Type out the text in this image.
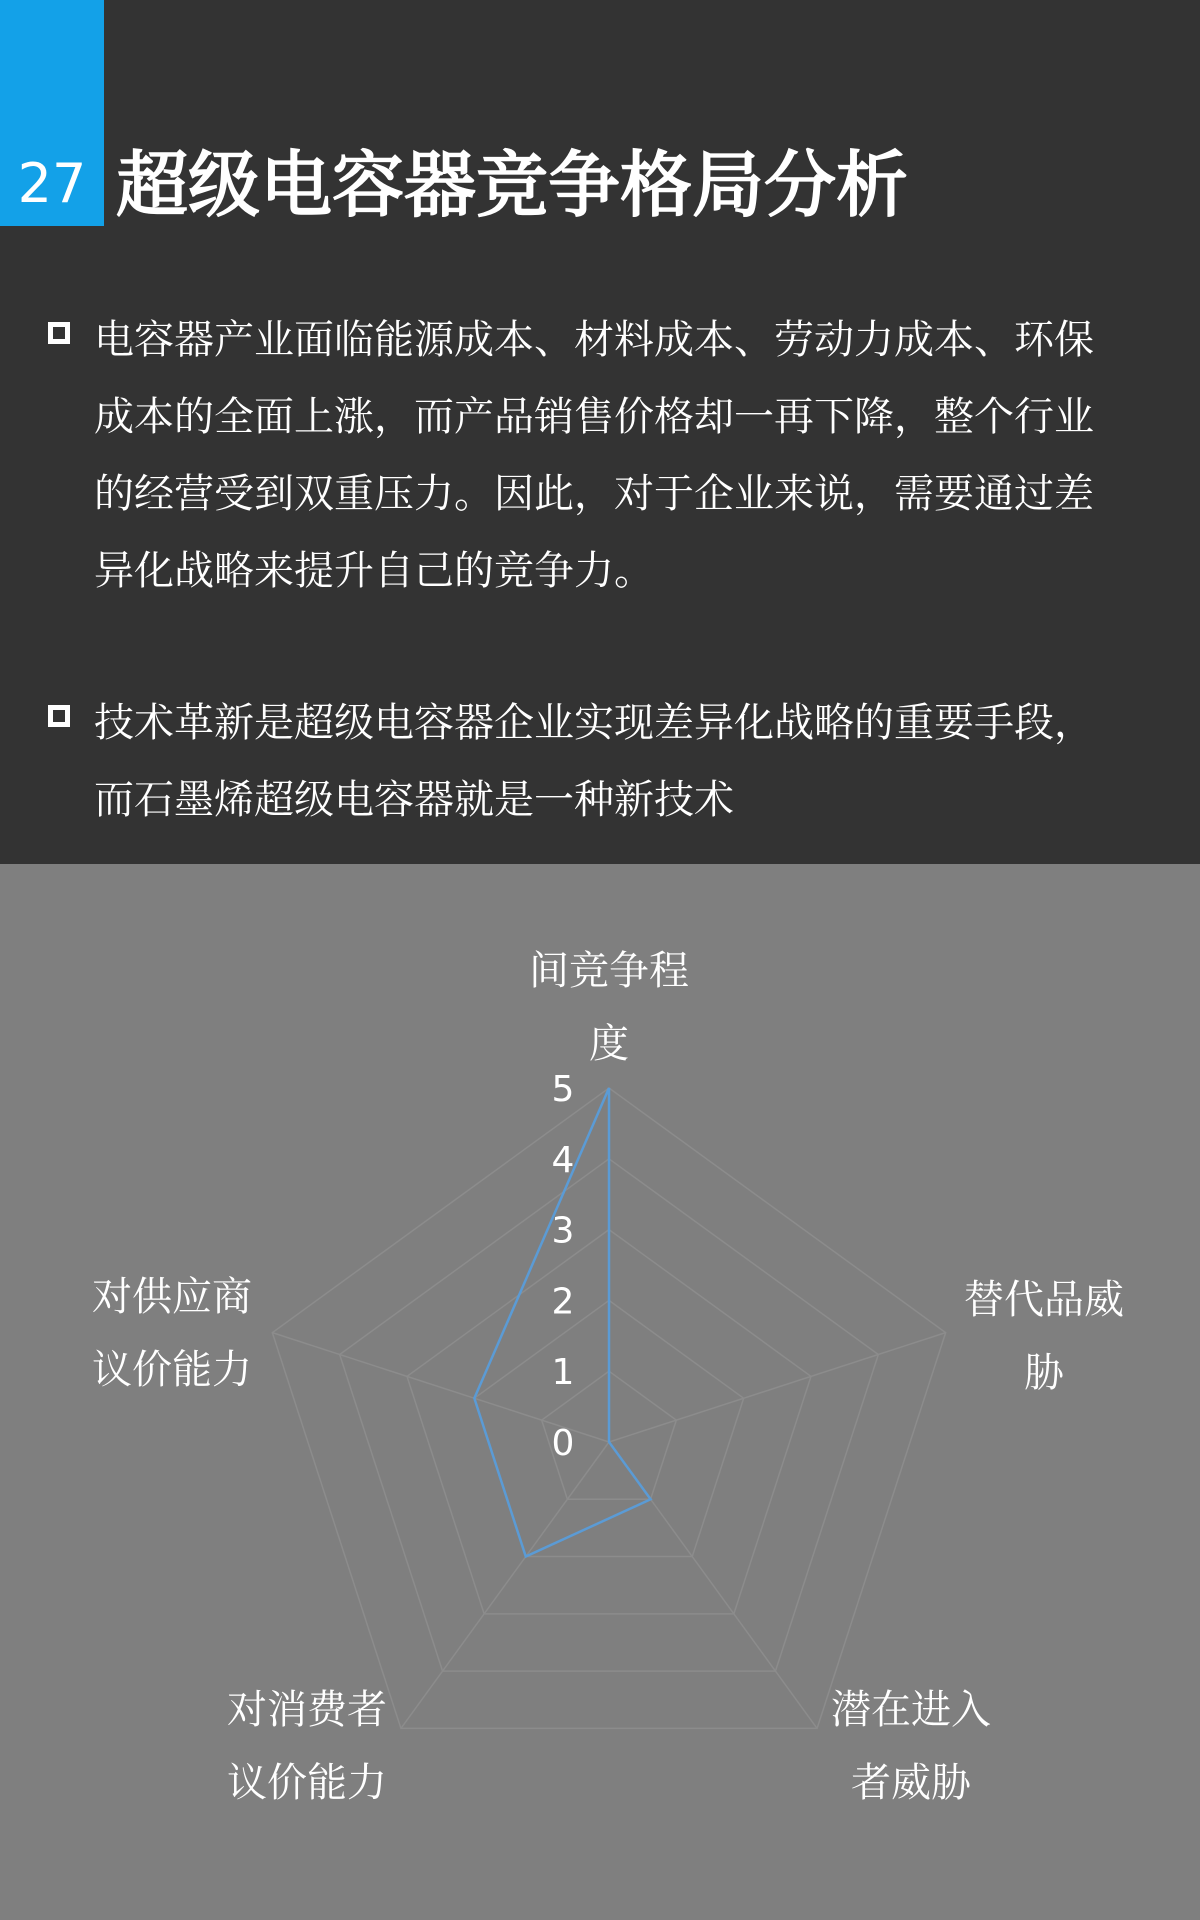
27 超级电容器竞争格局分析
电容器产业面临能源成本、材料成本、劳动力成本、环保
成本的全面上涨，而产品销售价格却一再下降，整个行业
的经营受到双重压力。因此，对于企业来说，需要通过差
异化战略来提升自己的竞争力。
技术革新是超级电容器企业实现差异化战略的重要手段，
而石墨烯超级电容器就是一种新技术
0
1
2
3
4
5
间竞争程
度
替代品威
胁
潜在进入
者威胁
对消费者
议价能力
对供应商
议价能力
